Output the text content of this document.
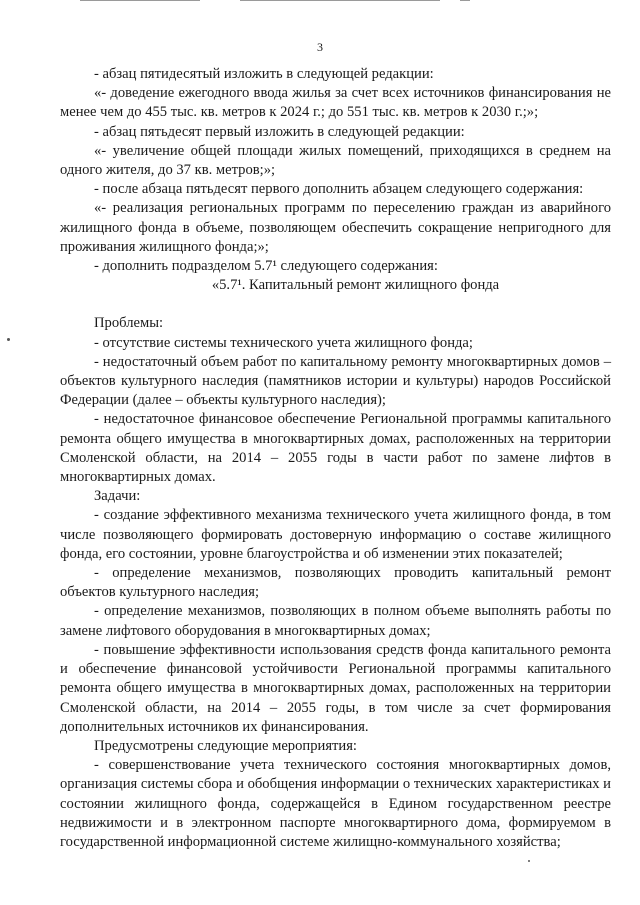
3

- абзац пятидесятый изложить в следующей редакции:

«- доведение ежегодного ввода жилья за счет всех источников финансирования не менее чем до 455 тыс. кв. метров к 2024 г.; до 551 тыс. кв. метров к 2030 г.;»;

- абзац пятьдесят первый изложить в следующей редакции:

«- увеличение общей площади жилых помещений, приходящихся в среднем на одного жителя, до 37 кв. метров;»;

- после абзаца пятьдесят первого дополнить абзацем следующего содержания:

«- реализация региональных программ по переселению граждан из аварийного жилищного фонда в объеме, позволяющем обеспечить сокращение непригодного для проживания жилищного фонда;»;

- дополнить подразделом 5.7¹ следующего содержания:

«5.7¹. Капитальный ремонт жилищного фонда

Проблемы:

- отсутствие системы технического учета жилищного фонда;

- недостаточный объем работ по капитальному ремонту многоквартирных домов – объектов культурного наследия (памятников истории и культуры) народов Российской Федерации (далее – объекты культурного наследия);

- недостаточное финансовое обеспечение Региональной программы капитального ремонта общего имущества в многоквартирных домах, расположенных на территории Смоленской области, на 2014 – 2055 годы в части работ по замене лифтов в многоквартирных домах.

Задачи:

- создание эффективного механизма технического учета жилищного фонда, в том числе позволяющего формировать достоверную информацию о составе жилищного фонда, его состоянии, уровне благоустройства и об изменении этих показателей;

- определение механизмов, позволяющих проводить капитальный ремонт объектов культурного наследия;

- определение механизмов, позволяющих в полном объеме выполнять работы по замене лифтового оборудования в многоквартирных домах;

- повышение эффективности использования средств фонда капитального ремонта и обеспечение финансовой устойчивости Региональной программы капитального ремонта общего имущества в многоквартирных домах, расположенных на территории Смоленской области, на 2014 – 2055 годы, в том числе за счет формирования дополнительных источников их финансирования.

Предусмотрены следующие мероприятия:

- совершенствование учета технического состояния многоквартирных домов, организация системы сбора и обобщения информации о технических характеристиках и состоянии жилищного фонда, содержащейся в Едином государственном реестре недвижимости и в электронном паспорте многоквартирного дома, формируемом в государственной информационной системе жилищно-коммунального хозяйства;
